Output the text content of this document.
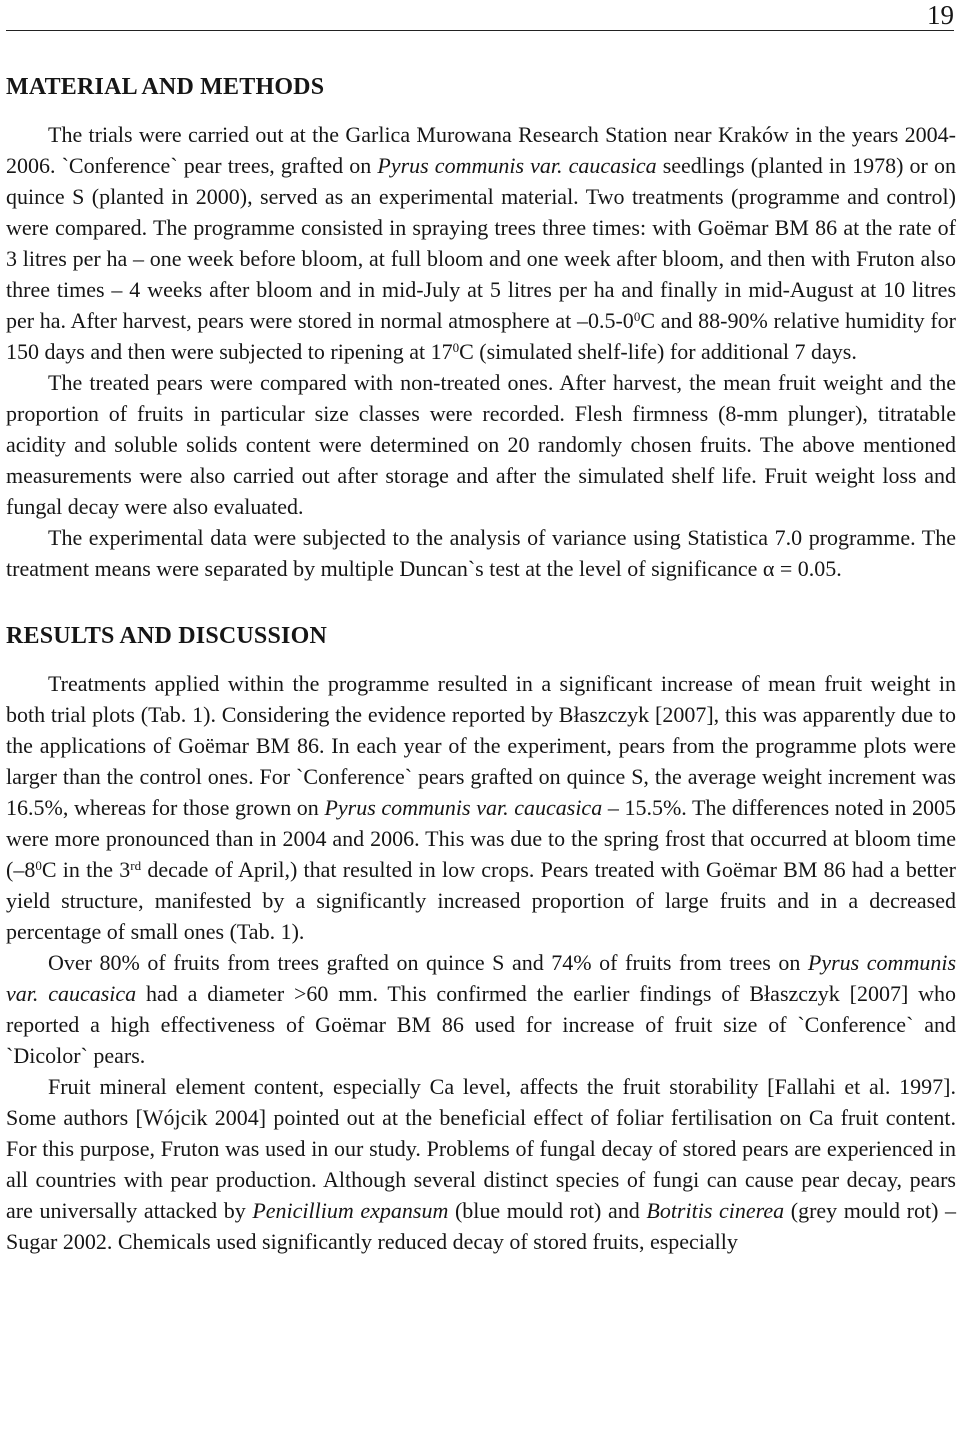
19
MATERIAL AND METHODS

The trials were carried out at the Garlica Murowana Research Station near Kraków in the years 2004-2006. `Conference` pear trees, grafted on Pyrus communis var. caucasica seedlings (planted in 1978) or on quince S (planted in 2000), served as an experimental material. Two treatments (programme and control) were compared. The programme consisted in spraying trees three times: with Goëmar BM 86 at the rate of 3 litres per ha – one week before bloom, at full bloom and one week after bloom, and then with Fruton also three times – 4 weeks after bloom and in mid-July at 5 litres per ha and finally in mid-August at 10 litres per ha. After harvest, pears were stored in normal atmosphere at $-0.5-0^0C$ and 88-90% relative humidity for 150 days and then were subjected to ripening at $17^0C$ (simulated shelf-life) for additional 7 days.

The treated pears were compared with non-treated ones. After harvest, the mean fruit weight and the proportion of fruits in particular size classes were recorded. Flesh firmness (8-mm plunger), titratable acidity and soluble solids content were determined on 20 randomly chosen fruits. The above mentioned measurements were also carried out after storage and after the simulated shelf life. Fruit weight loss and fungal decay were also evaluated.

The experimental data were subjected to the analysis of variance using Statistica 7.0 programme. The treatment means were separated by multiple Duncan`s test at the level of significance α = 0.05.

RESULTS AND DISCUSSION

Treatments applied within the programme resulted in a significant increase of mean fruit weight in both trial plots (Tab. 1). Considering the evidence reported by Błaszczyk [2007], this was apparently due to the applications of Goëmar BM 86. In each year of the experiment, pears from the programme plots were larger than the control ones. For `Conference` pears grafted on quince S, the average weight increment was 16.5%, whereas for those grown on Pyrus communis var. caucasica – 15.5%. The differences noted in 2005 were more pronounced than in 2004 and 2006. This was due to the spring frost that occurred at bloom time ($-8^0C$ in the 3rd decade of April,) that resulted in low crops. Pears treated with Goëmar BM 86 had a better yield structure, manifested by a significantly increased proportion of large fruits and in a decreased percentage of small ones (Tab. 1).

Over 80% of fruits from trees grafted on quince S and 74% of fruits from trees on Pyrus communis var. caucasica had a diameter >60 mm. This confirmed the earlier findings of Błaszczyk [2007] who reported a high effectiveness of Goëmar BM 86 used for increase of fruit size of `Conference` and `Dicolor` pears.

Fruit mineral element content, especially Ca level, affects the fruit storability [Fallahi et al. 1997]. Some authors [Wójcik 2004] pointed out at the beneficial effect of foliar fertilisation on Ca fruit content. For this purpose, Fruton was used in our study. Problems of fungal decay of stored pears are experienced in all countries with pear production. Although several distinct species of fungi can cause pear decay, pears are universally attacked by Penicillium expansum (blue mould rot) and Botritis cinerea (grey mould rot) – Sugar 2002. Chemicals used significantly reduced decay of stored fruits, especially
